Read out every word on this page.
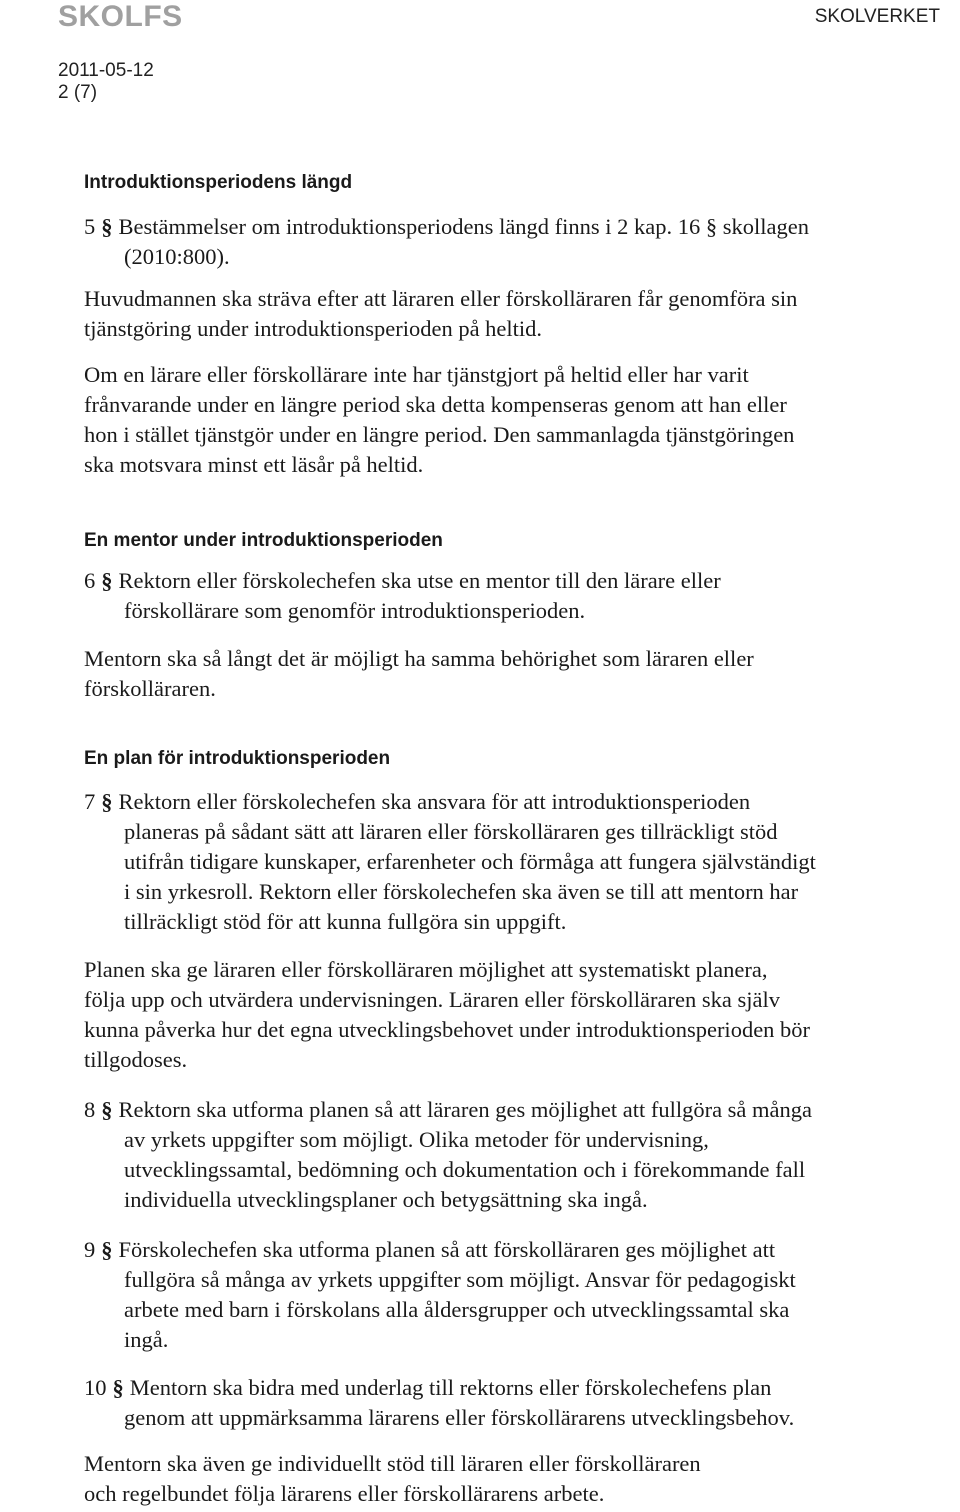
SKOLFS	SKOLVERKET
2011-05-12
2 (7)
Introduktionsperiodens längd
5 § Bestämmelser om introduktionsperiodens längd finns i 2 kap. 16 § skollagen
(2010:800).
Huvudmannen ska sträva efter att läraren eller förskolläraren får genomföra sin
tjänstgöring under introduktionsperioden på heltid.
Om en lärare eller förskollärare inte har tjänstgjort på heltid eller har varit
frånvarande under en längre period ska detta kompenseras genom att han eller
hon i stället tjänstgör under en längre period. Den sammanlagda tjänstgöringen
ska motsvara minst ett läsår på heltid.
En mentor under introduktionsperioden
6 § Rektorn eller förskolechefen ska utse en mentor till den lärare eller
förskollärare som genomför introduktionsperioden.
Mentorn ska så långt det är möjligt ha samma behörighet som läraren eller
förskolläraren.
En plan för introduktionsperioden
7 § Rektorn eller förskolechefen ska ansvara för att introduktionsperioden
planeras på sådant sätt att läraren eller förskolläraren ges tillräckligt stöd
utifrån tidigare kunskaper, erfarenheter och förmåga att fungera självständigt
i sin yrkesroll. Rektorn eller förskolechefen ska även se till att mentorn har
tillräckligt stöd för att kunna fullgöra sin uppgift.
Planen ska ge läraren eller förskolläraren möjlighet att systematiskt planera,
följa upp och utvärdera undervisningen. Läraren eller förskolläraren ska själv
kunna påverka hur det egna utvecklingsbehovet under introduktionsperioden bör
tillgodoses.
8 § Rektorn ska utforma planen så att läraren ges möjlighet att fullgöra så många
av yrkets uppgifter som möjligt. Olika metoder för undervisning,
utvecklingssamtal, bedömning och dokumentation och i förekommande fall
individuella utvecklingsplaner och betygsättning ska ingå.
9 § Förskolechefen ska utforma planen så att förskolläraren ges möjlighet att
fullgöra så många av yrkets uppgifter som möjligt. Ansvar för pedagogiskt
arbete med barn i förskolans alla åldersgrupper och utvecklingssamtal ska
ingå.
10 § Mentorn ska bidra med underlag till rektorns eller förskolechefens plan
genom att uppmärksamma lärarens eller förskollärarens utvecklingsbehov.
Mentorn ska även ge individuellt stöd till läraren eller förskolläraren
och regelbundet följa lärarens eller förskollärarens arbete.
